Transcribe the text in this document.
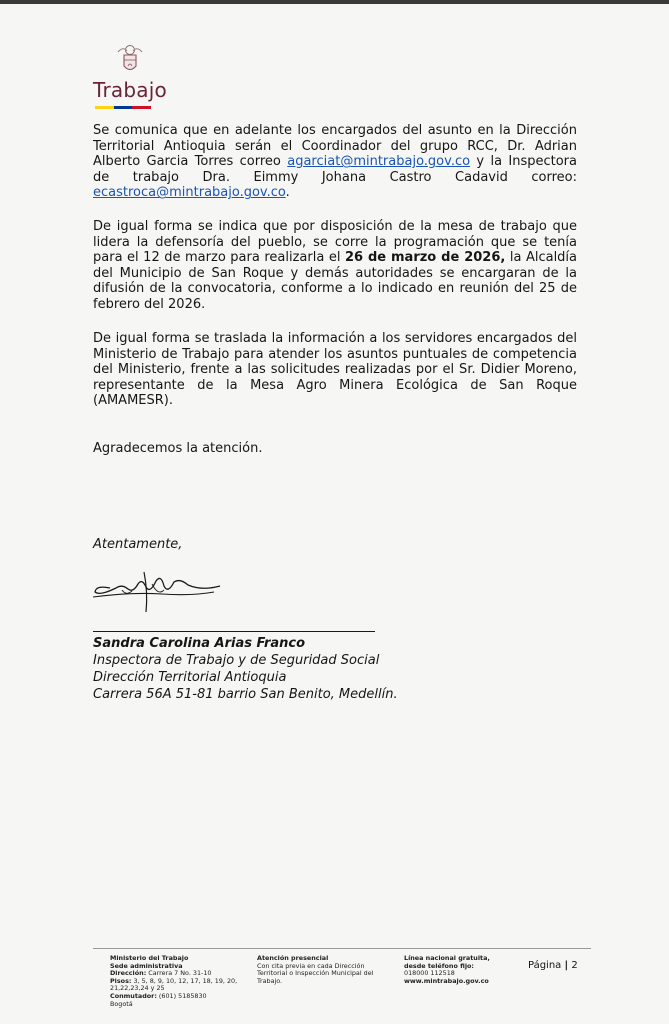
Trabajo

Se comunica que en adelante los encargados del asunto en la Dirección Territorial Antioquia serán el Coordinador del grupo RCC, Dr. Adrian Alberto Garcia Torres correo agarciat@mintrabajo.gov.co y la Inspectora de trabajo Dra. Eimmy Johana Castro Cadavid correo: ecastroca@mintrabajo.gov.co.

De igual forma se indica que por disposición de la mesa de trabajo que lidera la defensoría del pueblo, se corre la programación que se tenía para el 12 de marzo para realizarla el 26 de marzo de 2026, la Alcaldía del Municipio de San Roque y demás autoridades se encargaran de la difusión de la convocatoria, conforme a lo indicado en reunión del 25 de febrero del 2026.

De igual forma se traslada la información a los servidores encargados del Ministerio de Trabajo para atender los asuntos puntuales de competencia del Ministerio, frente a las solicitudes realizadas por el Sr. Didier Moreno, representante de la Mesa Agro Minera Ecológica de San Roque (AMAMESR).

Agradecemos la atención.

Atentamente,

Sandra Carolina Arias Franco
Inspectora de Trabajo y de Seguridad Social
Dirección Territorial Antioquia
Carrera 56A 51-81 barrio San Benito, Medellín.
Ministerio del Trabajo
Sede administrativa
Dirección: Carrera 7 No. 31-10
Pisos: 3, 5, 8, 9, 10, 12, 17, 18, 19, 20, 21,22,23,24 y 25
Conmutador: (601) 5185830
Bogotá
Atención presencial
Con cita previa en cada Dirección Territorial o Inspección Municipal del Trabajo.
Línea nacional gratuita,
desde teléfono fijo:
018000 112518
www.mintrabajo.gov.co
Página | 2
